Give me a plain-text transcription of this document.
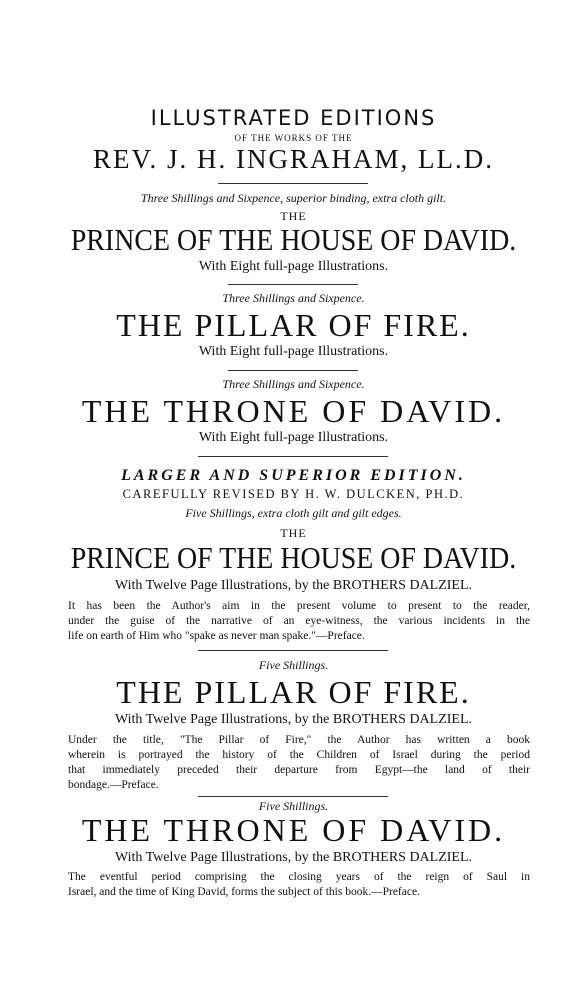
ILLUSTRATED EDITIONS
OF THE WORKS OF THE
REV. J. H. INGRAHAM, LL.D.
Three Shillings and Sixpence, superior binding, extra cloth gilt.
THE
PRINCE OF THE HOUSE OF DAVID.
With Eight full-page Illustrations.
Three Shillings and Sixpence.
THE PILLAR OF FIRE.
With Eight full-page Illustrations.
Three Shillings and Sixpence.
THE THRONE OF DAVID.
With Eight full-page Illustrations.
LARGER AND SUPERIOR EDITION.
CAREFULLY REVISED BY H. W. DULCKEN, PH.D.
Five Shillings, extra cloth gilt and gilt edges.
THE
PRINCE OF THE HOUSE OF DAVID.
With Twelve Page Illustrations, by the BROTHERS DALZIEL.
It has been the Author's aim in the present volume to present to the reader,
under the guise of the narrative of an eye-witness, the various incidents in the
life on earth of Him who "spake as never man spake."—Preface.
Five Shillings.
THE PILLAR OF FIRE.
With Twelve Page Illustrations, by the BROTHERS DALZIEL.
Under the title, "The Pillar of Fire," the Author has written a book
wherein is portrayed the history of the Children of Israel during the period
that immediately preceded their departure from Egypt—the land of their
bondage.—Preface.
Five Shillings.
THE THRONE OF DAVID.
With Twelve Page Illustrations, by the BROTHERS DALZIEL.
The eventful period comprising the closing years of the reign of Saul in
Israel, and the time of King David, forms the subject of this book.—Preface.
